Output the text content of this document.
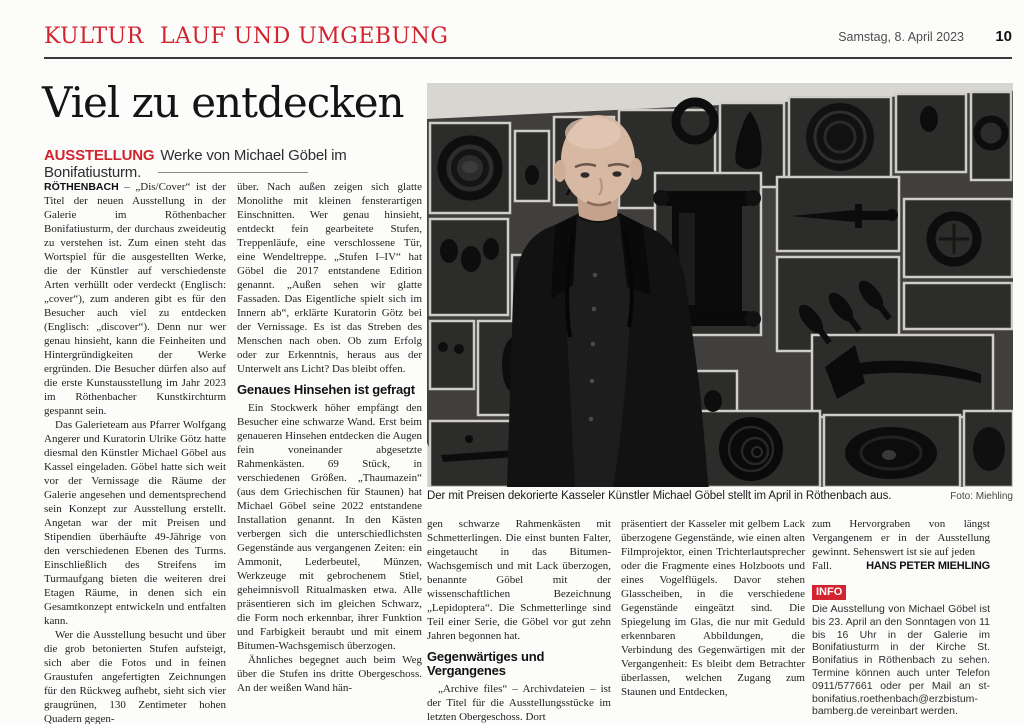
KULTUR LAUF UND UMGEBUNG	Samstag, 8. April 2023 10
Viel zu entdecken
AUSSTELLUNG Werke von Michael Göbel im Bonifatiusturm.

RÖTHENBACH – „Dis/Cover“ ist der Titel der neuen Ausstellung in der Galerie im Röthenbacher Bonifatiusturm, der durchaus zweideutig zu verstehen ist. Zum einen steht das Wortspiel für die ausgestellten Werke, die der Künstler auf verschiedenste Arten verhüllt oder verdeckt (Englisch: „cover“), zum anderen gibt es für den Besucher auch viel zu entdecken (Englisch: „discover“). Denn nur wer genau hinsieht, kann die Feinheiten und Hintergründigkeiten der Werke ergründen. Die Besucher dürfen also auf die erste Kunstausstellung im Jahr 2023 im Röthenbacher Kunstkirchturm gespannt sein.

Das Galerieteam aus Pfarrer Wolfgang Angerer und Kuratorin Ulrike Götz hatte diesmal den Künstler Michael Göbel aus Kassel eingeladen. Göbel hatte sich weit vor der Vernissage die Räume der Galerie angesehen und dementsprechend sein Konzept zur Ausstellung erstellt. Angetan war der mit Preisen und Stipendien überhäufte 49-Jährige von den verschiedenen Ebenen des Turms. Einschließlich des Streifens im Turmaufgang bieten die weiteren drei Etagen Räume, in denen sich ein Gesamtkonzept entwickeln und entfalten kann.

Wer die Ausstellung besucht und über die grob betonierten Stufen aufsteigt, sich aber die Fotos und in feinen Graustufen angefertigten Zeichnungen für den Rückweg aufhebt, sieht sich vier graugrünen, 130 Zentimeter hohen Quadern gegen-

über. Nach außen zeigen sich glatte Monolithe mit kleinen fensterartigen Einschnitten. Wer genau hinsieht, entdeckt fein gearbeitete Stufen, Treppenläufe, eine verschlossene Tür, eine Wendeltreppe. „Stufen I–IV“ hat Göbel die 2017 entstandene Edition genannt. „Außen sehen wir glatte Fassaden. Das Eigentliche spielt sich im Innern ab“, erklärte Kuratorin Götz bei der Vernissage. Es ist das Streben des Menschen nach oben. Ob zum Erfolg oder zur Erkenntnis, heraus aus der Unterwelt ans Licht? Das bleibt offen.

Genaues Hinsehen ist gefragt

Ein Stockwerk höher empfängt den Besucher eine schwarze Wand. Erst beim genaueren Hinsehen entdecken die Augen fein voneinander abgesetzte Rahmenkästen. 69 Stück, in verschiedenen Größen. „Thaumazein“ (aus dem Griechischen für Staunen) hat Michael Göbel seine 2022 entstandene Installation genannt. In den Kästen verbergen sich die unterschiedlichsten Gegenstände aus vergangenen Zeiten: ein Ammonit, Lederbeutel, Münzen, Werkzeuge mit gebrochenem Stiel, geheimnisvoll Ritualmasken etwa. Alle präsentieren sich im gleichen Schwarz, die Form noch erkennbar, ihrer Funktion und Farbigkeit beraubt und mit einem Bitumen-Wachsgemisch überzogen.

Ähnliches begegnet auch beim Weg über die Stufen ins dritte Obergeschoss. An der weißen Wand hän-

Der mit Preisen dekorierte Kasseler Künstler Michael Göbel stellt im April in Röthenbach aus.	Foto: Miehling

gen schwarze Rahmenkästen mit Schmetterlingen. Die einst bunten Falter, eingetaucht in das Bitumen-Wachsgemisch und mit Lack überzogen, benannte Göbel mit der wissenschaftlichen Bezeichnung „Lepidoptera“. Die Schmetterlinge sind Teil einer Serie, die Göbel vor gut zehn Jahren begonnen hat.

Gegenwärtiges und Vergangenes

„Archive files“ – Archivdateien – ist der Titel für die Ausstellungsstücke im letzten Obergeschoss. Dort

präsentiert der Kasseler mit gelbem Lack überzogene Gegenstände, wie einen alten Filmprojektor, einen Trichterlautsprecher oder die Fragmente eines Holzboots und eines Vogelflügels. Davor stehen Glasscheiben, in die verschiedene Gegenstände eingeätzt sind. Die Spiegelung im Glas, die nur mit Geduld erkennbaren Abbildungen, die Verbindung des Gegenwärtigen mit der Vergangenheit: Es bleibt dem Betrachter überlassen, welchen Zugang zum Staunen und Entdecken,

zum Hervorgraben von längst Vergangenem er in der Ausstellung gewinnt. Sehenswert ist sie auf jeden

Fall.	HANS PETER MIEHLING
INFO

Die Ausstellung von Michael Göbel ist bis 23. April an den Sonntagen von 11 bis 16 Uhr in der Galerie im Bonifatiusturm in der Kirche St. Bonifatius in Röthenbach zu sehen. Termine können auch unter Telefon 0911/577661 oder per Mail an st-bonifatius.roethenbach@erzbistum-bamberg.de vereinbart werden.
